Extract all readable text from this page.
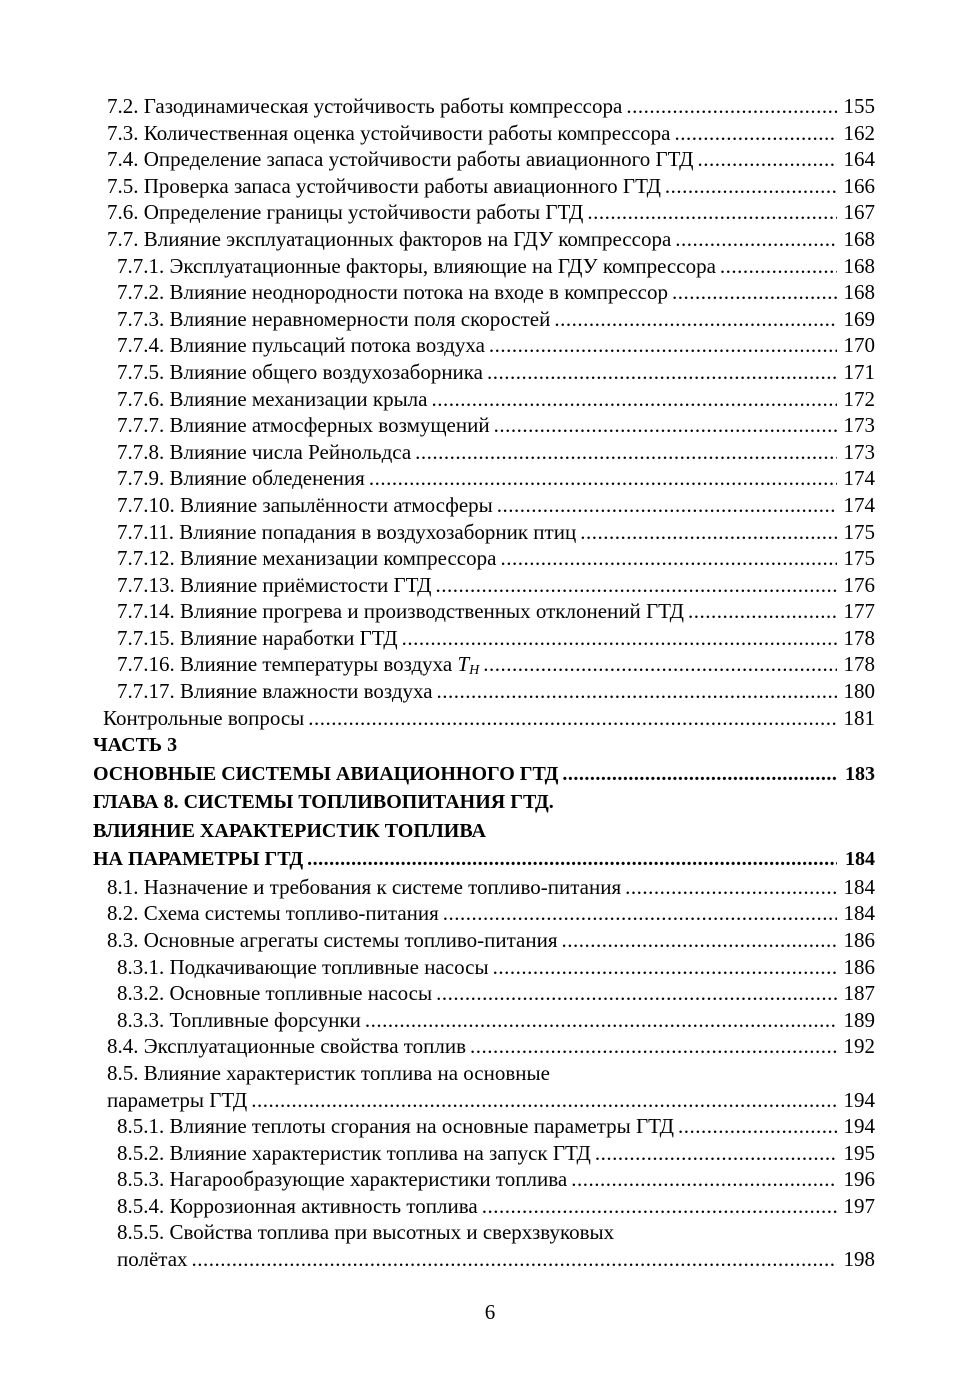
7.2. Газодинамическая устойчивость работы компрессора .....	155
7.3. Количественная оценка устойчивости работы компрессора .....	162
7.4. Определение запаса устойчивости работы авиационного ГТД .....	164
7.5. Проверка запаса устойчивости работы авиационного ГТД .....	166
7.6. Определение границы устойчивости работы ГТД .....	167
7.7. Влияние эксплуатационных факторов на ГДУ компрессора .....	168
7.7.1. Эксплуатационные факторы, влияющие на ГДУ компрессора .....	168
7.7.2. Влияние неоднородности потока на входе в компрессор .....	168
7.7.3. Влияние неравномерности поля скоростей .....	169
7.7.4. Влияние пульсаций потока воздуха .....	170
7.7.5. Влияние общего воздухозаборника .....	171
7.7.6. Влияние механизации крыла .....	172
7.7.7. Влияние атмосферных возмущений .....	173
7.7.8. Влияние числа Рейнольдса .....	173
7.7.9. Влияние обледенения .....	174
7.7.10. Влияние запылённости атмосферы .....	174
7.7.11. Влияние попадания в воздухозаборник птиц .....	175
7.7.12. Влияние механизации компрессора .....	175
7.7.13. Влияние приёмистости ГТД .....	176
7.7.14. Влияние прогрева и производственных отклонений ГТД .....	177
7.7.15. Влияние наработки ГТД .....	178
7.7.16. Влияние температуры воздуха $T_H$ .....	178
7.7.17. Влияние влажности воздуха .....	180
Контрольные вопросы .....	181
ЧАСТЬ 3
ОСНОВНЫЕ СИСТЕМЫ АВИАЦИОННОГО ГТД .....	183
ГЛАВА 8. СИСТЕМЫ ТОПЛИВОПИТАНИЯ ГТД.
ВЛИЯНИЕ ХАРАКТЕРИСТИК ТОПЛИВА
НА ПАРАМЕТРЫ ГТД .....	184
8.1. Назначение и требования к системе топливо-питания .....	184
8.2. Схема системы топливо-питания .....	184
8.3. Основные агрегаты системы топливо-питания .....	186
8.3.1. Подкачивающие топливные насосы .....	186
8.3.2. Основные топливные насосы .....	187
8.3.3. Топливные форсунки .....	189
8.4. Эксплуатационные свойства топлив .....	192
8.5. Влияние характеристик топлива на основные
параметры ГТД .....	194
8.5.1. Влияние теплоты сгорания на основные параметры ГТД .....	194
8.5.2. Влияние характеристик топлива на запуск ГТД .....	195
8.5.3. Нагарообразующие характеристики топлива .....	196
8.5.4. Коррозионная активность топлива .....	197
8.5.5. Свойства топлива при высотных и сверхзвуковых
полётах .....	198
6
